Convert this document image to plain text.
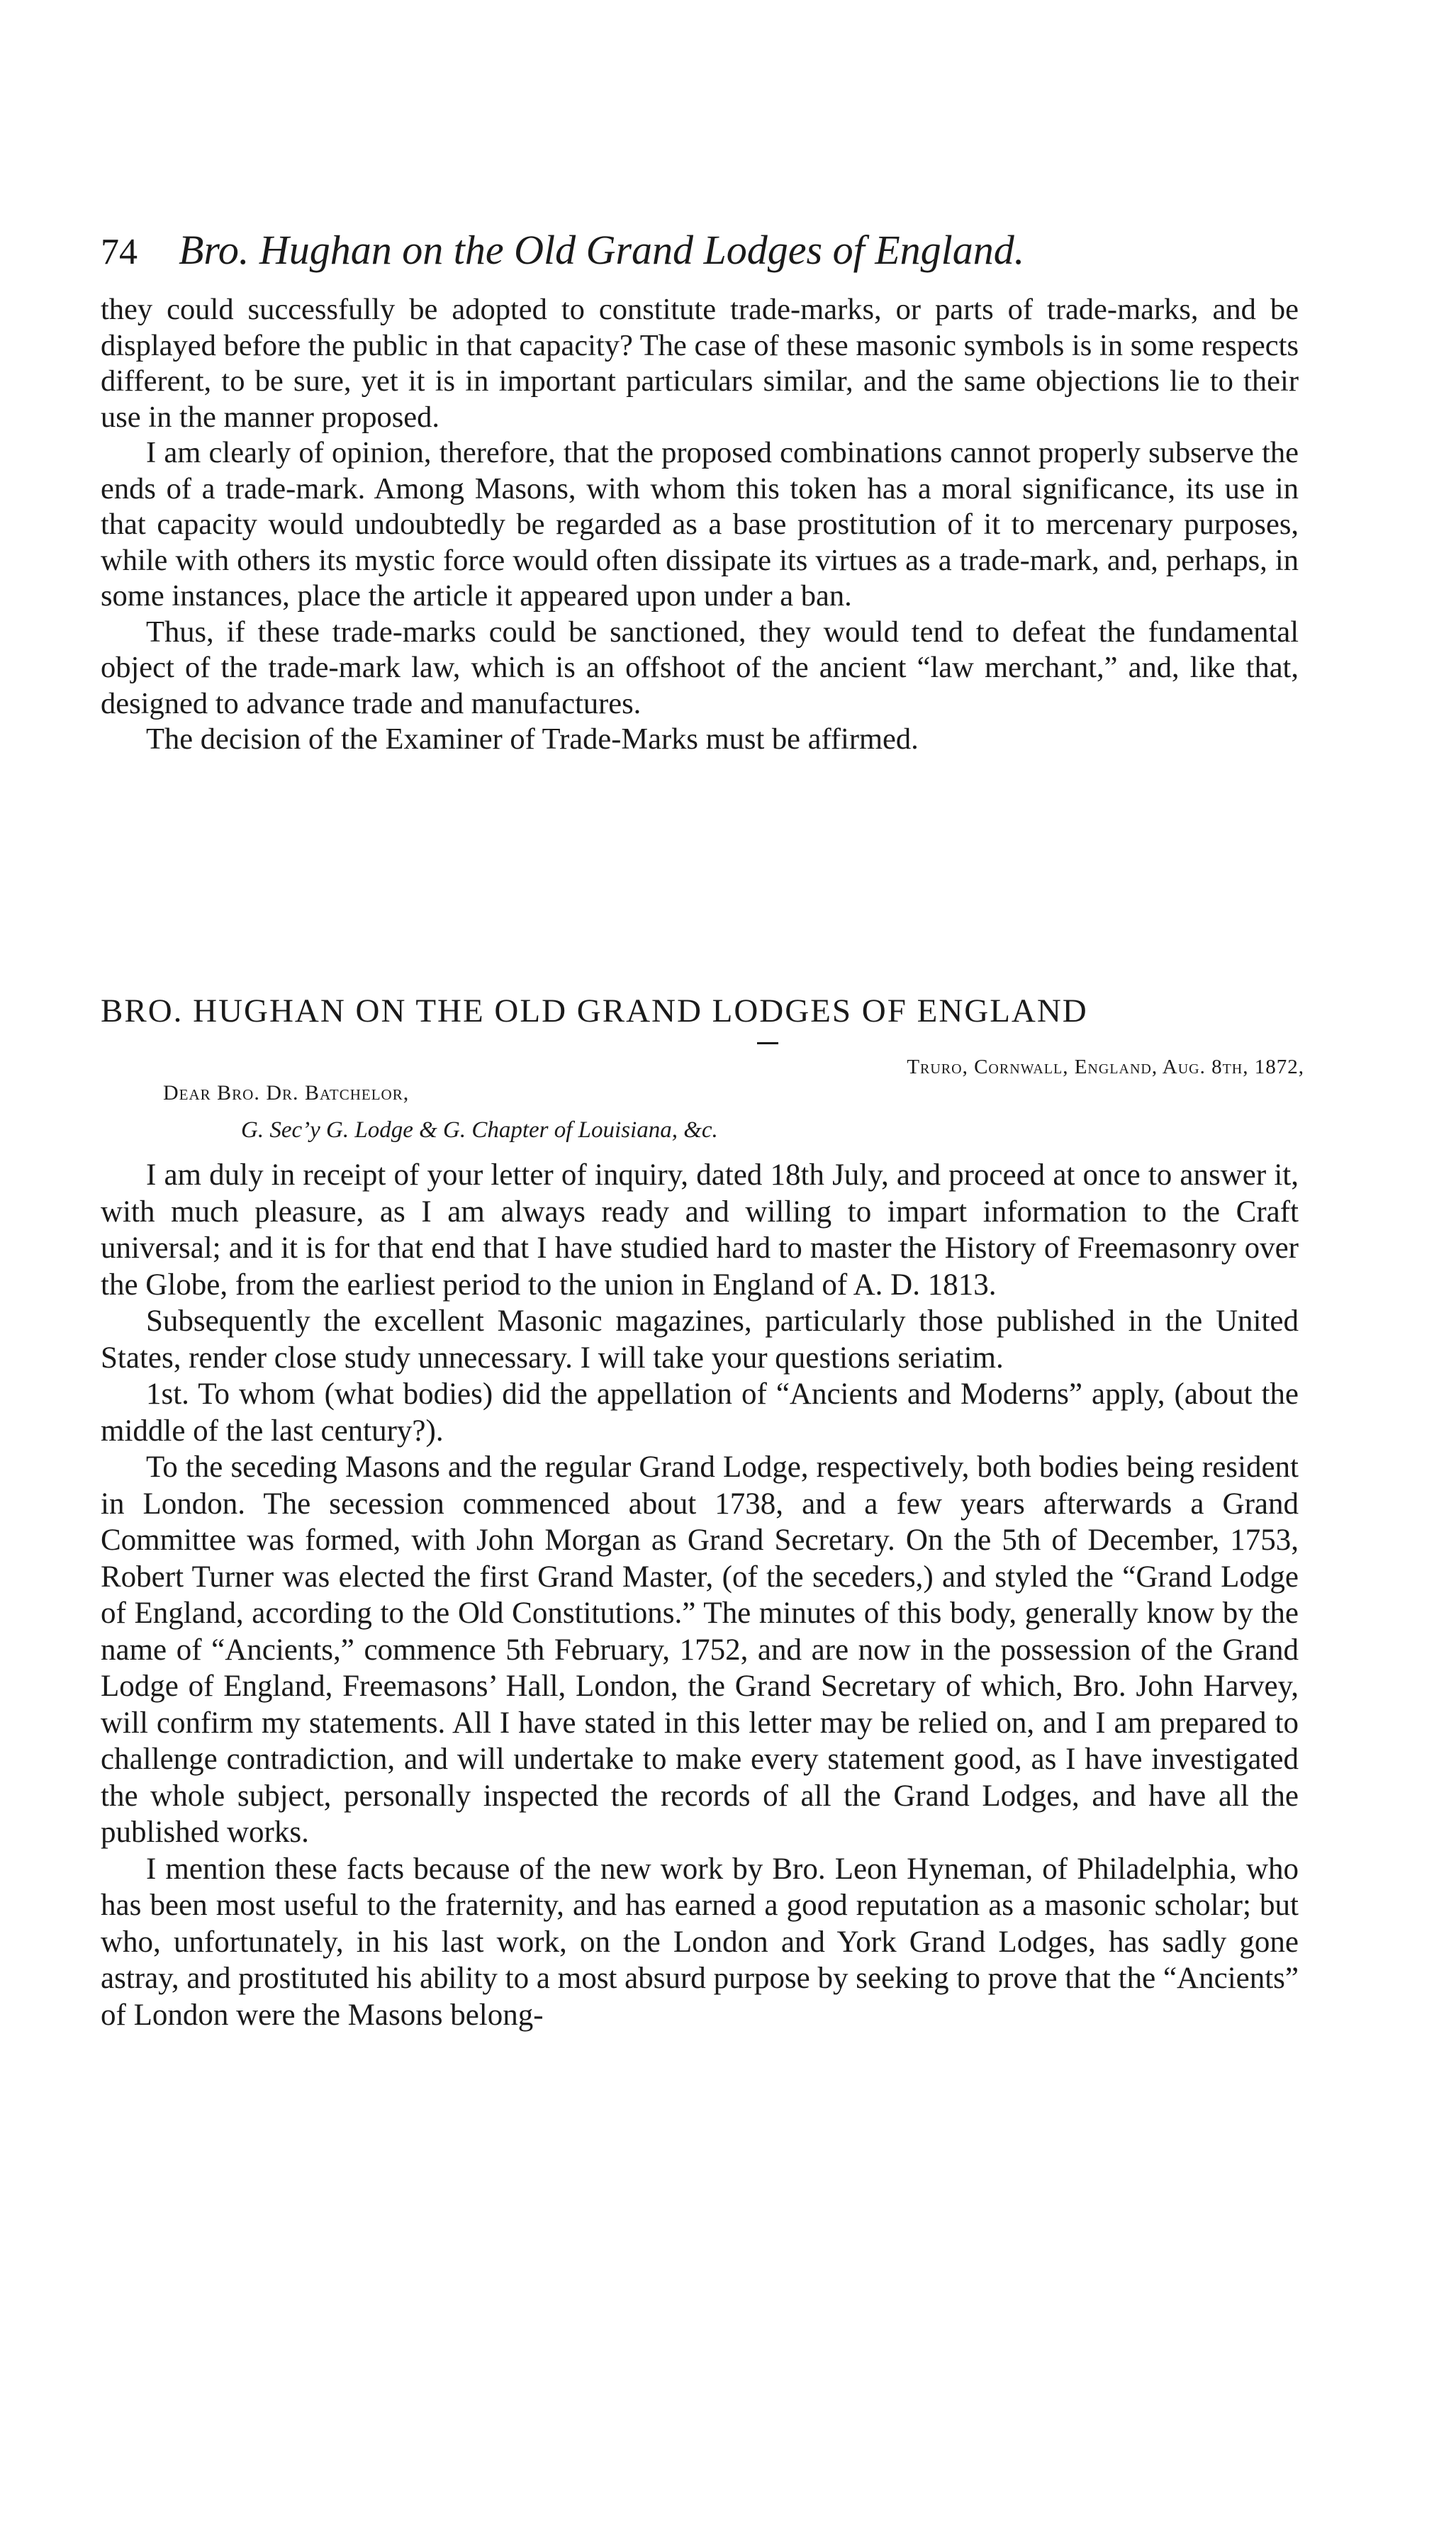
74 Bro. Hughan on the Old Grand Lodges of England.

they could successfully be adopted to constitute trade-marks, or parts of trade-marks, and be displayed before the public in that capacity? The case of these masonic symbols is in some respects different, to be sure, yet it is in important particulars similar, and the same objections lie to their use in the manner proposed.

I am clearly of opinion, therefore, that the proposed combinations cannot properly subserve the ends of a trade-mark. Among Masons, with whom this token has a moral significance, its use in that capacity would undoubtedly be regarded as a base prostitution of it to mercenary purposes, while with others its mystic force would often dissipate its virtues as a trade-mark, and, perhaps, in some instances, place the article it appeared upon under a ban.

Thus, if these trade-marks could be sanctioned, they would tend to defeat the fundamental object of the trade-mark law, which is an offshoot of the ancient “law merchant,” and, like that, designed to advance trade and manufactures.

The decision of the Examiner of Trade-Marks must be affirmed.

BRO. HUGHAN ON THE OLD GRAND LODGES OF ENGLAND
Truro, Cornwall, England, Aug. 8th, 1872,
Dear Bro. Dr. Batchelor,
G. Sec’y G. Lodge & G. Chapter of Louisiana, &c.

I am duly in receipt of your letter of inquiry, dated 18th July, and proceed at once to answer it, with much pleasure, as I am always ready and willing to impart information to the Craft universal; and it is for that end that I have studied hard to master the History of Freemasonry over the Globe, from the earliest period to the union in England of A. D. 1813.

Subsequently the excellent Masonic magazines, particularly those published in the United States, render close study unnecessary. I will take your questions seriatim.

1st. To whom (what bodies) did the appellation of “Ancients and Moderns” apply, (about the middle of the last century?).

To the seceding Masons and the regular Grand Lodge, respectively, both bodies being resident in London. The secession commenced about 1738, and a few years afterwards a Grand Committee was formed, with John Morgan as Grand Secretary. On the 5th of December, 1753, Robert Turner was elected the first Grand Master, (of the seceders,) and styled the “Grand Lodge of England, according to the Old Constitutions.” The minutes of this body, generally know by the name of “Ancients,” commence 5th February, 1752, and are now in the possession of the Grand Lodge of England, Freemasons’ Hall, London, the Grand Secretary of which, Bro. John Harvey, will confirm my statements. All I have stated in this letter may be relied on, and I am prepared to challenge contradiction, and will undertake to make every statement good, as I have investigated the whole subject, personally inspected the records of all the Grand Lodges, and have all the published works.

I mention these facts because of the new work by Bro. Leon Hyneman, of Philadelphia, who has been most useful to the fraternity, and has earned a good reputation as a masonic scholar; but who, unfortunately, in his last work, on the London and York Grand Lodges, has sadly gone astray, and prostituted his ability to a most absurd purpose by seeking to prove that the “Ancients” of London were the Masons belong-
